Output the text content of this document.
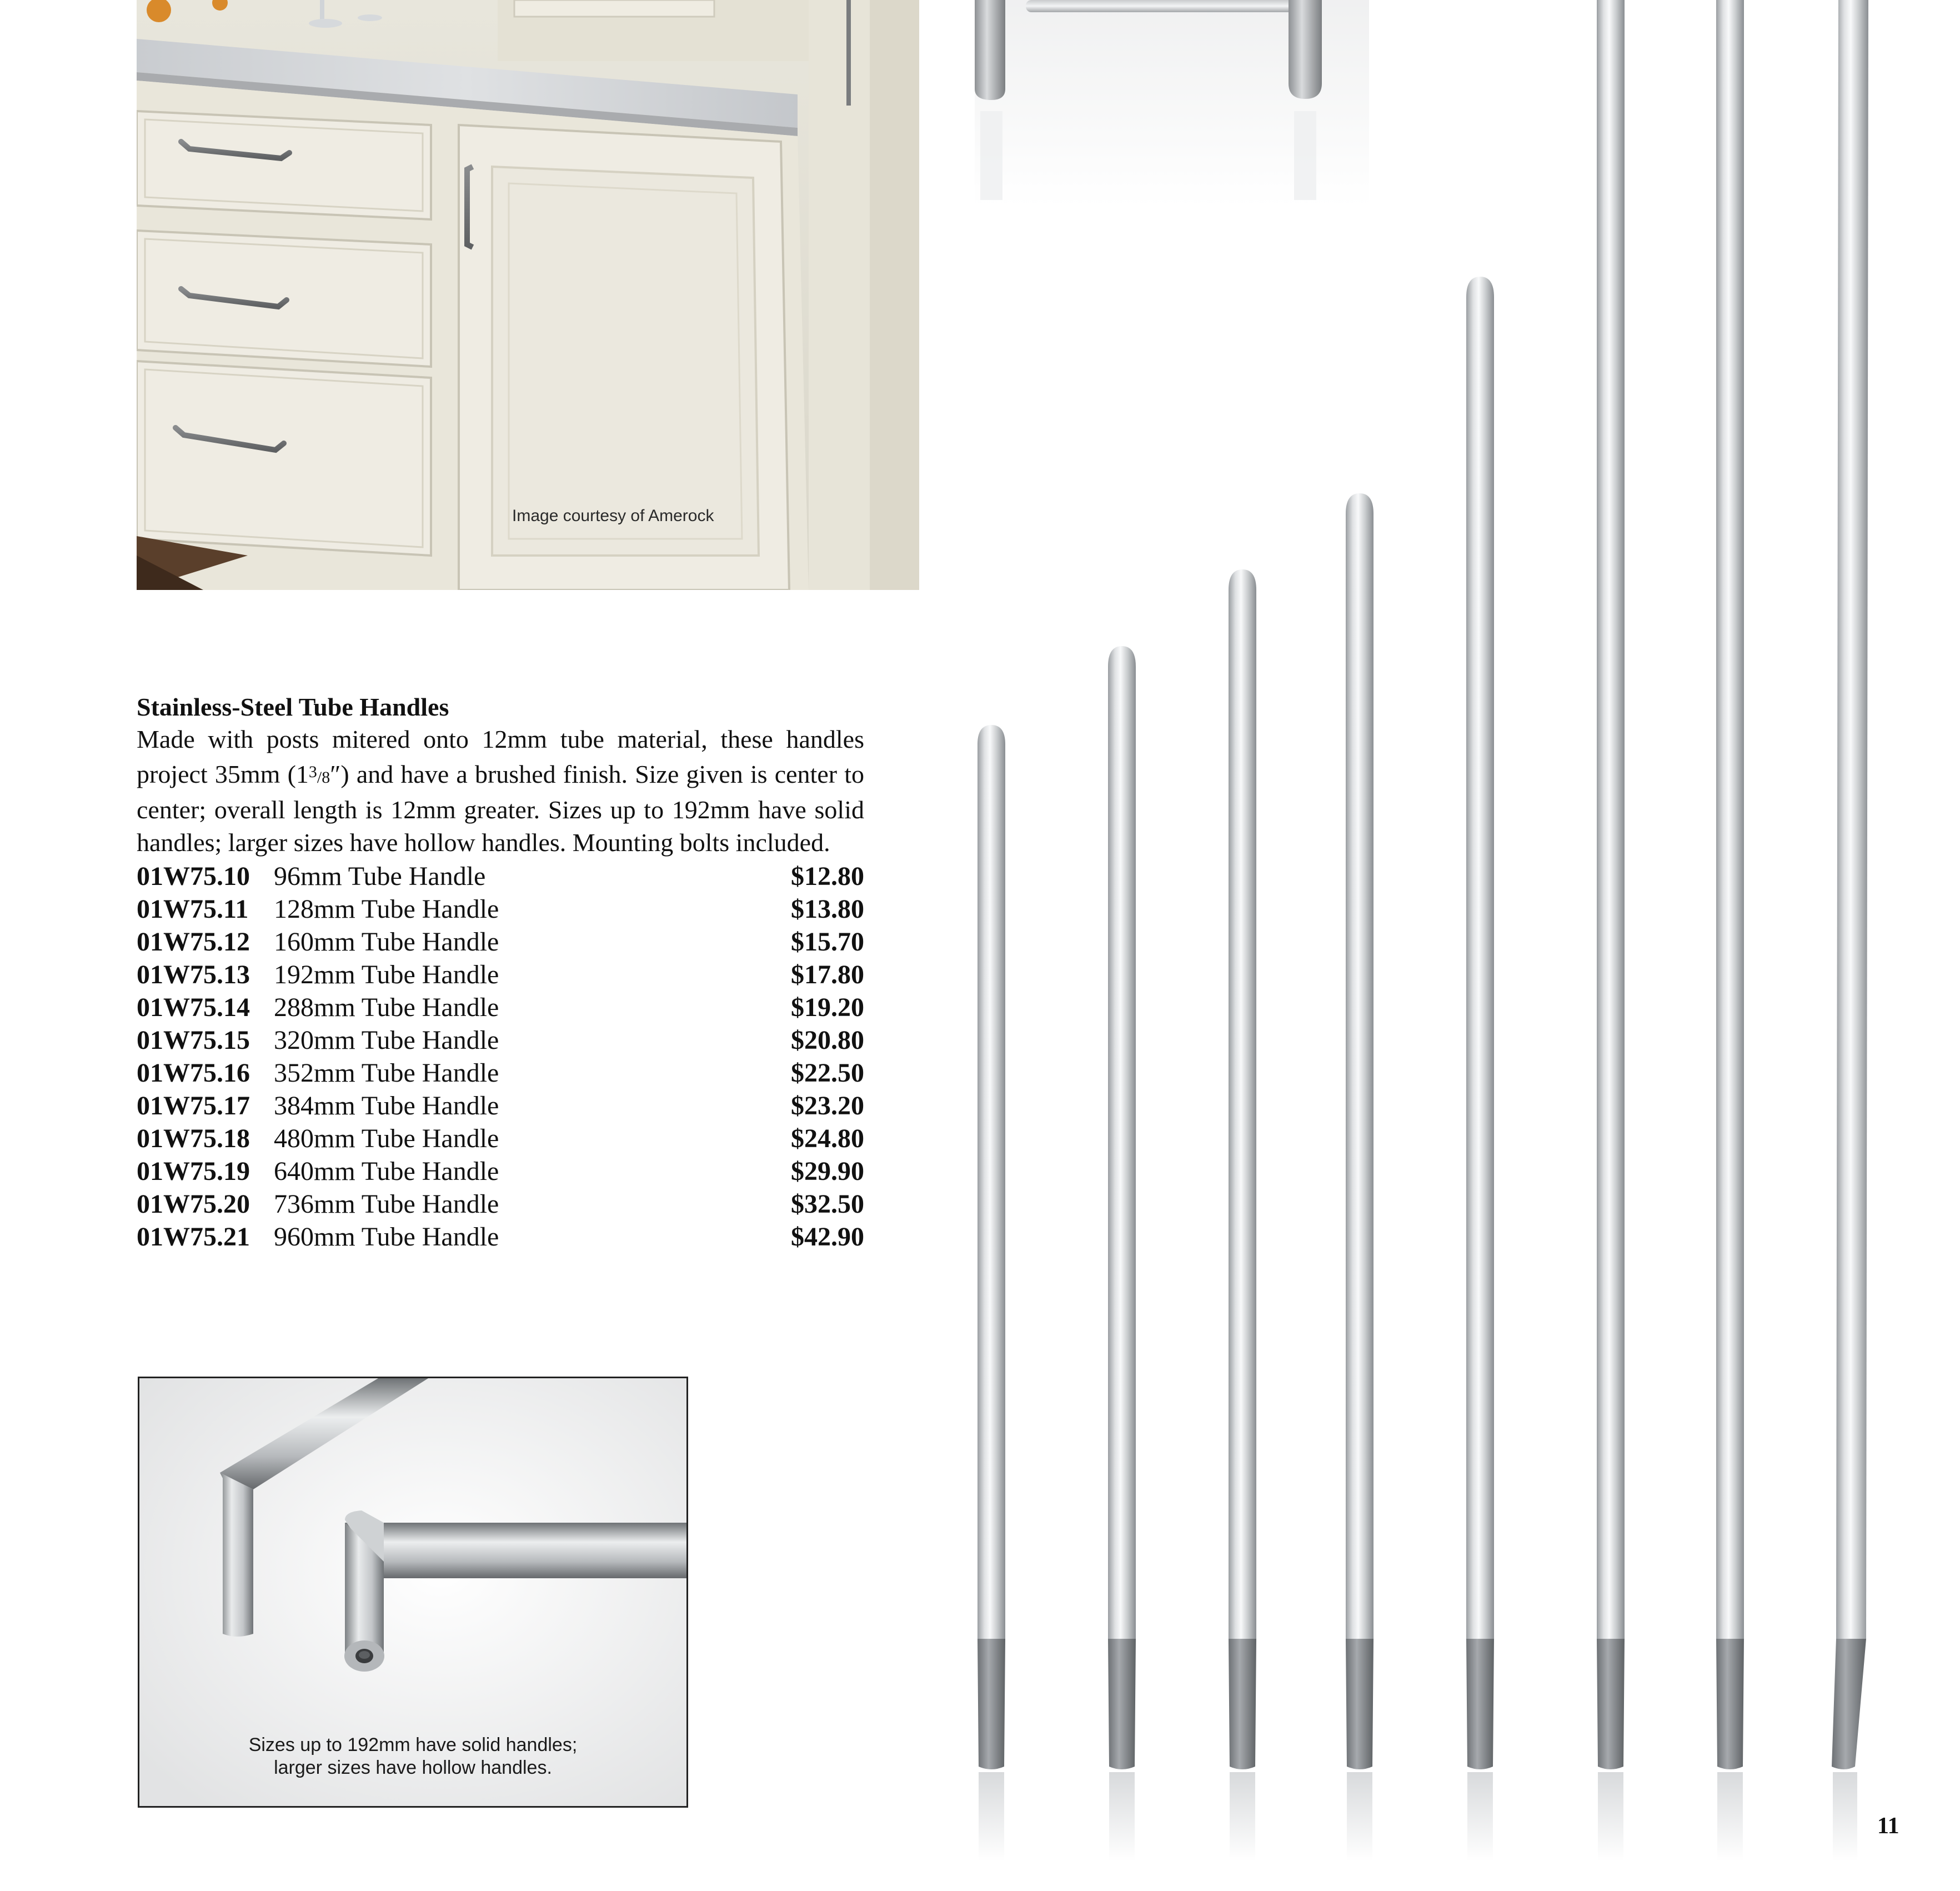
Image courtesy of Amerock

Stainless-Steel Tube Handles

Made with posts mitered onto 12mm tube material, these handles project 35mm $(1^3/8'')$ and have a brushed finish. Size given is center to center; overall length is 12mm greater. Sizes up to 192mm have solid handles; larger sizes have hollow handles. Mounting bolts included.

01W75.10 96mm Tube Handle	$12.80
01W75.11 128mm Tube Handle	$13.80
01W75.12 160mm Tube Handle	$15.70
01W75.13 192mm Tube Handle	$17.80
01W75.14 288mm Tube Handle	$19.20
01W75.15 320mm Tube Handle	$20.80
01W75.16 352mm Tube Handle	$22.50
01W75.17 384mm Tube Handle	$23.20
01W75.18 480mm Tube Handle	$24.80
01W75.19 640mm Tube Handle	$29.90
01W75.20 736mm Tube Handle	$32.50
01W75.21 960mm Tube Handle	$42.90
Sizes up to 192mm have solid handles;
larger sizes have hollow handles.
11
